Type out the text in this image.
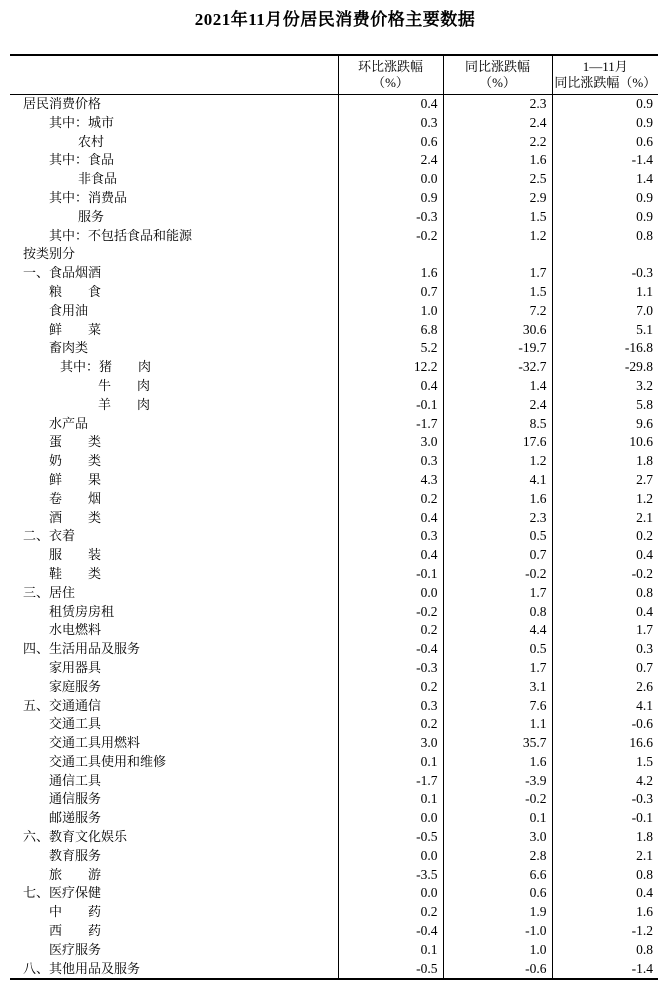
2021年11月份居民消费价格主要数据

环比涨跌幅
（%）

同比涨跌幅
（%）

1—11月
同比涨跌幅（%）

居民消费价格	0.4	2.3	0.9
其中：城市	0.3	2.4	0.9
农村	0.6	2.2	0.6
其中：食品	2.4	1.6	-1.4
非食品	0.0	2.5	1.4
其中：消费品	0.9	2.9	0.9
服务	-0.3	1.5	0.9
其中：不包括食品和能源	-0.2	1.2	0.8
按类别分			
一、食品烟酒	1.6	1.7	-0.3
粮　　食	0.7	1.5	1.1
食用油	1.0	7.2	7.0
鲜　　菜	6.8	30.6	5.1
畜肉类	5.2	-19.7	-16.8
其中：猪　　肉	12.2	-32.7	-29.8
牛　　肉	0.4	1.4	3.2
羊　　肉	-0.1	2.4	5.8
水产品	-1.7	8.5	9.6
蛋　　类	3.0	17.6	10.6
奶　　类	0.3	1.2	1.8
鲜　　果	4.3	4.1	2.7
卷　　烟	0.2	1.6	1.2
酒　　类	0.4	2.3	2.1
二、衣着	0.3	0.5	0.2
服　　装	0.4	0.7	0.4
鞋　　类	-0.1	-0.2	-0.2
三、居住	0.0	1.7	0.8
租赁房房租	-0.2	0.8	0.4
水电燃料	0.2	4.4	1.7
四、生活用品及服务	-0.4	0.5	0.3
家用器具	-0.3	1.7	0.7
家庭服务	0.2	3.1	2.6
五、交通通信	0.3	7.6	4.1
交通工具	0.2	1.1	-0.6
交通工具用燃料	3.0	35.7	16.6
交通工具使用和维修	0.1	1.6	1.5
通信工具	-1.7	-3.9	4.2
通信服务	0.1	-0.2	-0.3
邮递服务	0.0	0.1	-0.1
六、教育文化娱乐	-0.5	3.0	1.8
教育服务	0.0	2.8	2.1
旅　　游	-3.5	6.6	0.8
七、医疗保健	0.0	0.6	0.4
中　　药	0.2	1.9	1.6
西　　药	-0.4	-1.0	-1.2
医疗服务	0.1	1.0	0.8
八、其他用品及服务	-0.5	-0.6	-1.4
